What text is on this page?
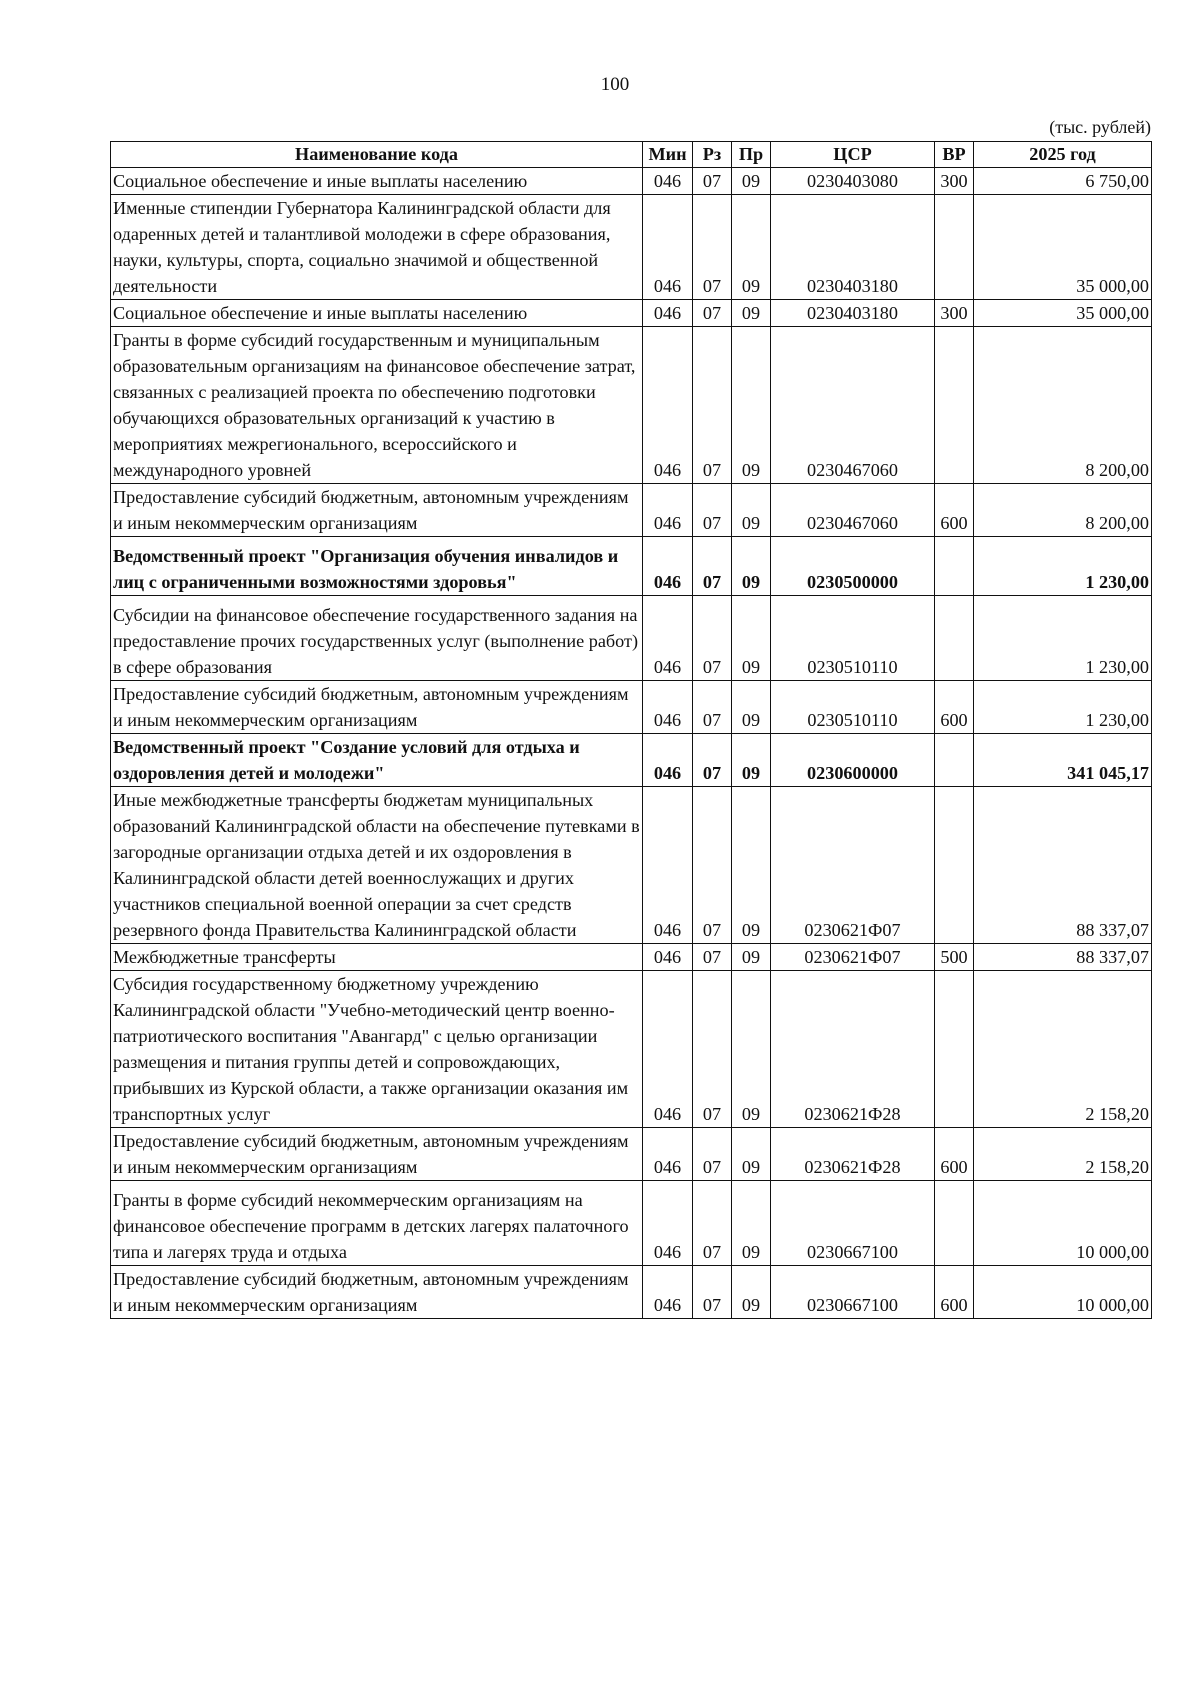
100
(тыс. рублей)
Наименование кода	Мин	Рз	Пр	ЦСР	ВР	2025 год
Социальное обеспечение и иные выплаты населению	046	07	09	0230403080	300	6 750,00
Именные стипендии Губернатора Калининградской области для одаренных детей и талантливой молодежи в сфере образования, науки, культуры, спорта, социально значимой и общественной деятельности	046	07	09	0230403180		35 000,00
Социальное обеспечение и иные выплаты населению	046	07	09	0230403180	300	35 000,00
Гранты в форме субсидий государственным и муниципальным образовательным организациям на финансовое обеспечение затрат, связанных с реализацией проекта по обеспечению подготовки обучающихся образовательных организаций к участию в мероприятиях межрегионального, всероссийского и международного уровней	046	07	09	0230467060		8 200,00
Предоставление субсидий бюджетным, автономным учреждениям и иным некоммерческим организациям	046	07	09	0230467060	600	8 200,00
Ведомственный проект "Организация обучения инвалидов и лиц с ограниченными возможностями здоровья"	046	07	09	0230500000		1 230,00
Субсидии на финансовое обеспечение государственного задания на предоставление прочих государственных услуг (выполнение работ) в сфере образования	046	07	09	0230510110		1 230,00
Предоставление субсидий бюджетным, автономным учреждениям и иным некоммерческим организациям	046	07	09	0230510110	600	1 230,00
Ведомственный проект "Создание условий для отдыха и оздоровления детей и молодежи"	046	07	09	0230600000		341 045,17
Иные межбюджетные трансферты бюджетам муниципальных образований Калининградской области на обеспечение путевками в загородные организации отдыха детей и их оздоровления в Калининградской области детей военнослужащих и других участников специальной военной операции за счет средств резервного фонда Правительства Калининградской области	046	07	09	0230621Ф07		88 337,07
Межбюджетные трансферты	046	07	09	0230621Ф07	500	88 337,07
Субсидия государственному бюджетному учреждению Калининградской области "Учебно-методический центр военно-патриотического воспитания "Авангард" с целью организации размещения и питания группы детей и сопровождающих, прибывших из Курской области, а также организации оказания им транспортных услуг	046	07	09	0230621Ф28		2 158,20
Предоставление субсидий бюджетным, автономным учреждениям и иным некоммерческим организациям	046	07	09	0230621Ф28	600	2 158,20
Гранты в форме субсидий некоммерческим организациям на финансовое обеспечение программ в детских лагерях палаточного типа и лагерях труда и отдыха	046	07	09	0230667100		10 000,00
Предоставление субсидий бюджетным, автономным учреждениям и иным некоммерческим организациям	046	07	09	0230667100	600	10 000,00
